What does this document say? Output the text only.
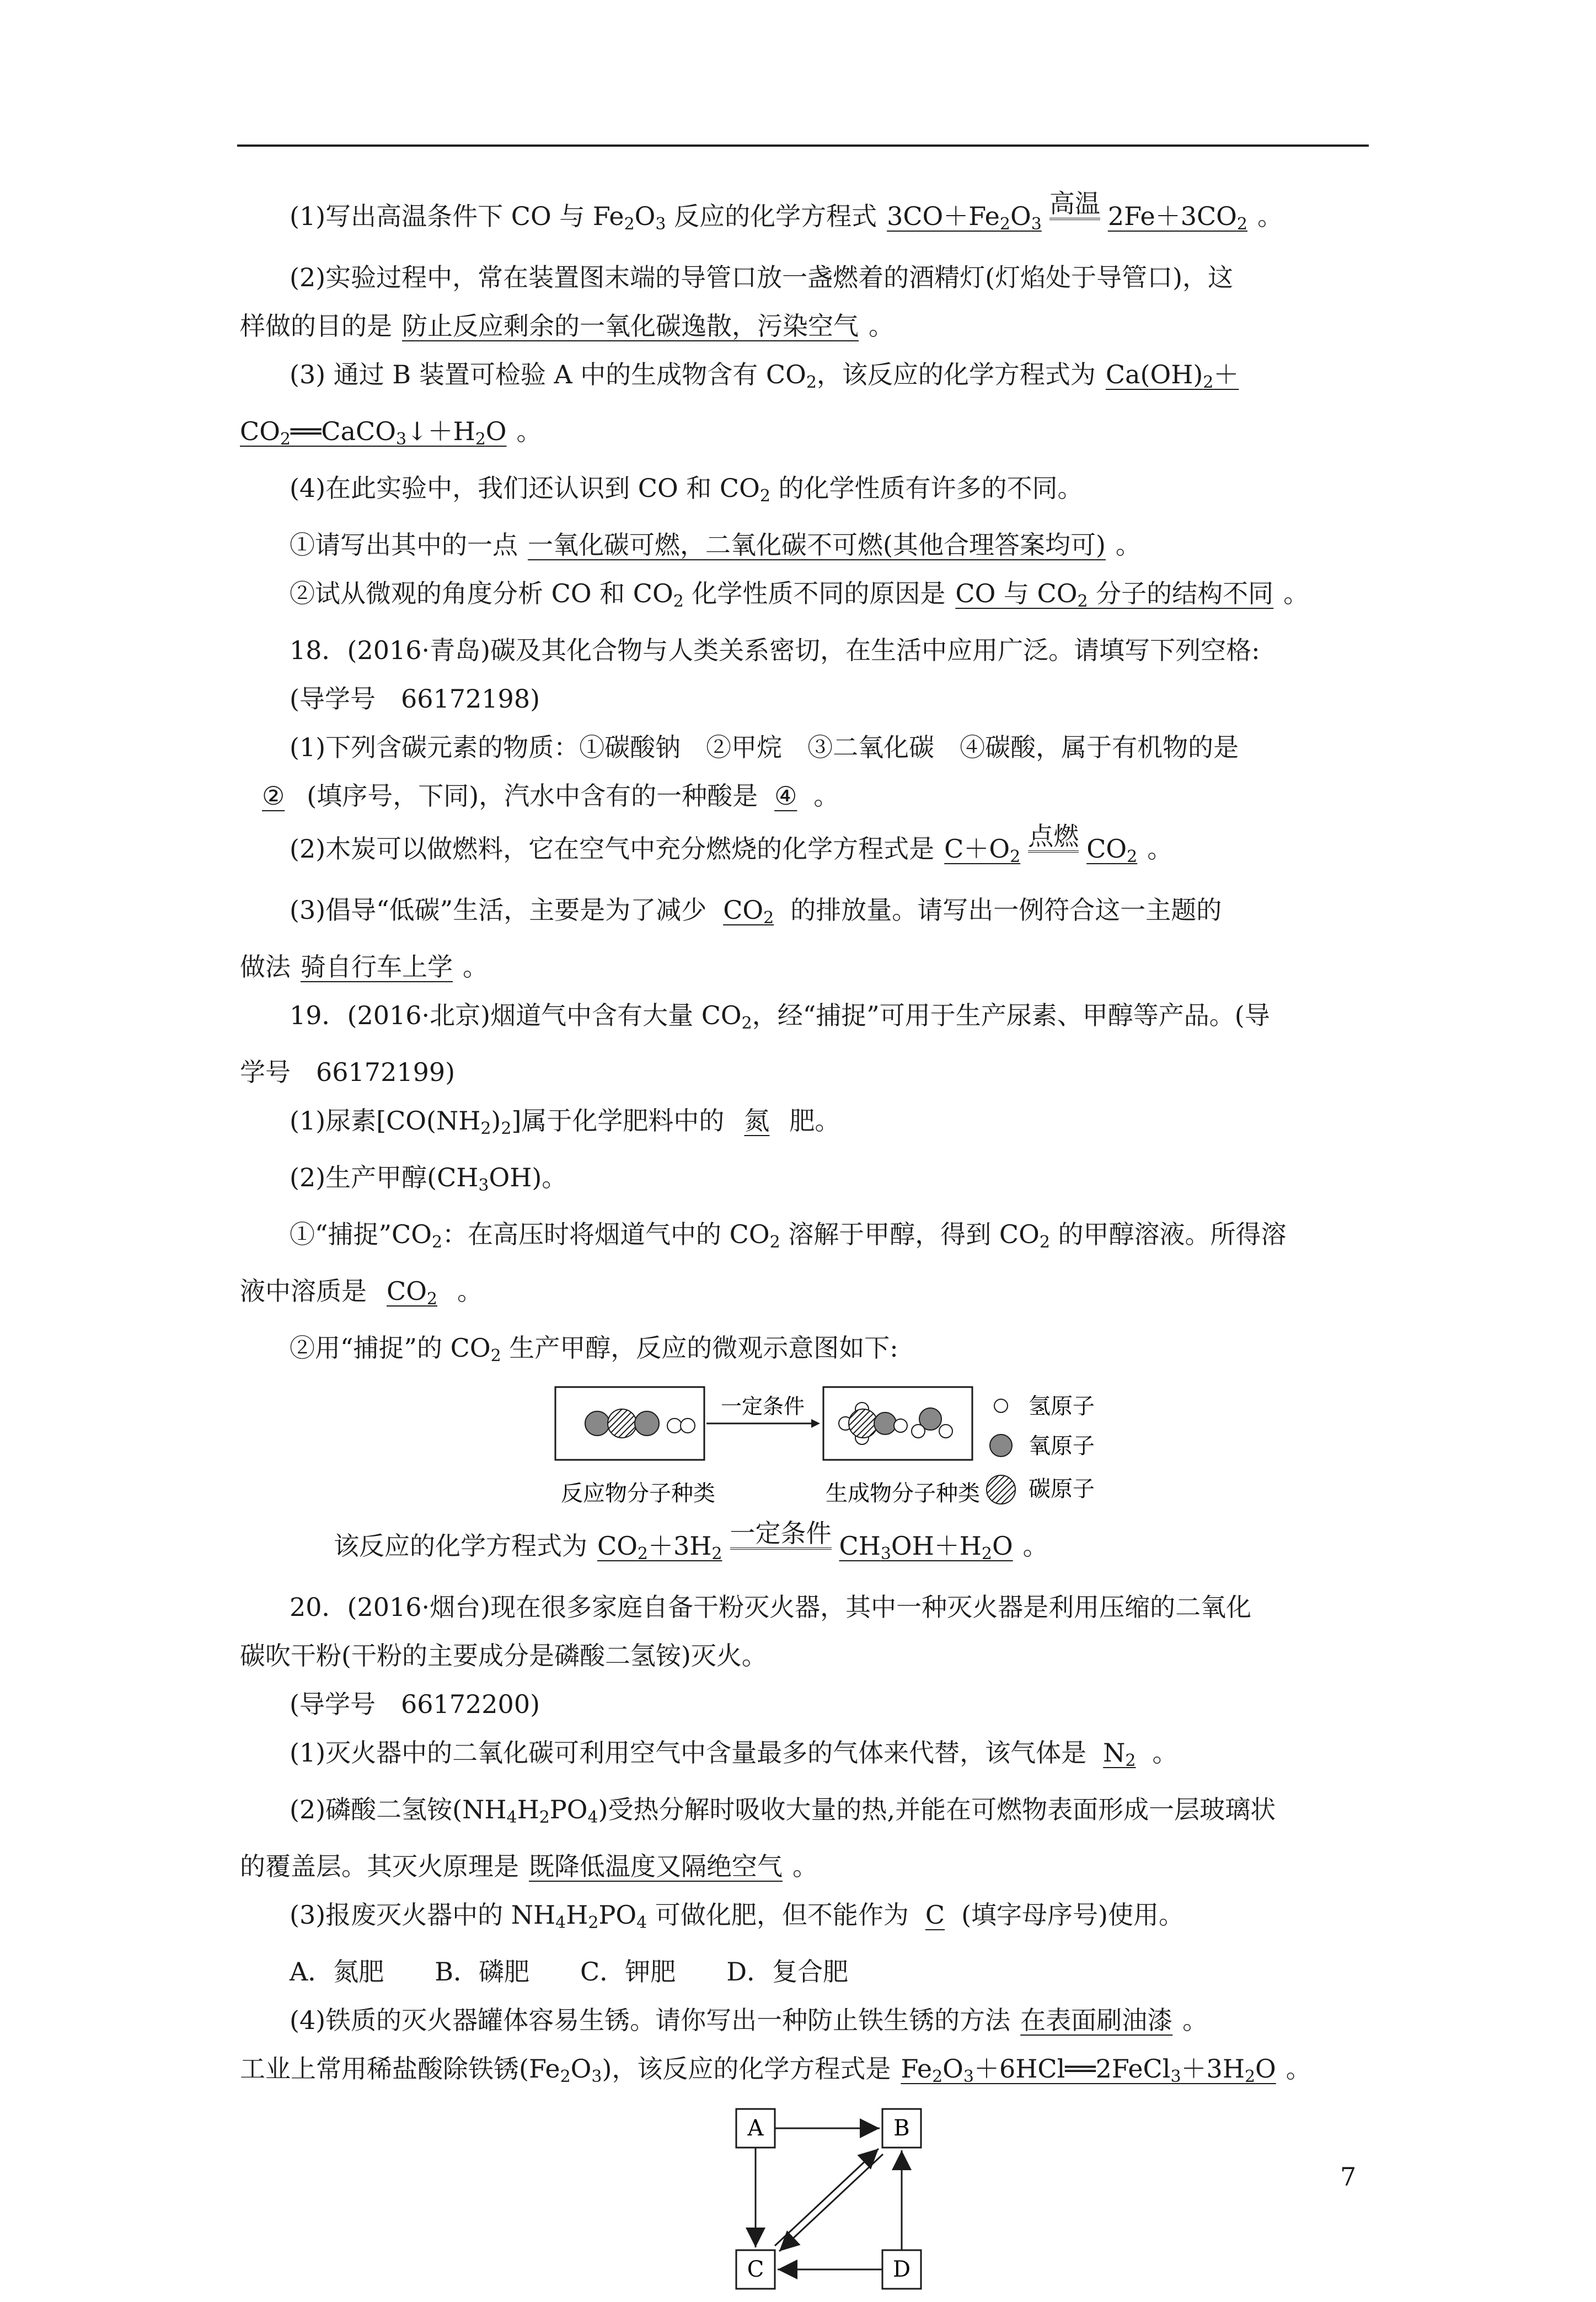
(1)写出高温条件下 CO 与 $Fe_2O_3$ 反应的化学方程式 $3CO+Fe_2O_3$
高温 $2Fe+3CO_2$ 。

(2)实验过程中，常在装置图末端的导管口放一盏燃着的酒精灯(灯焰处于导管口)，这

样做的目的是 防止反应剩余的一氧化碳逸散，污染空气 。

(3) 通过 B 装置可检验 A 中的生成物含有 $CO_2$，该反应的化学方程式为 $Ca(OH)_2+$

$CO_2══CaCO_3↓+H_2O$ 。

(4)在此实验中，我们还认识到 CO 和 $CO_2$ 的化学性质有许多的不同。

①请写出其中的一点 一氧化碳可燃，二氧化碳不可燃(其他合理答案均可) 。

②试从微观的角度分析 CO 和 $CO_2$ 化学性质不同的原因是 CO 与 $CO_2$ 分子的结构不同 。

18．(2016·青岛)碳及其化合物与人类关系密切，在生活中应用广泛。请填写下列空格:

(导学号　66172198)

(1)下列含碳元素的物质：①碳酸钠　②甲烷　③二氧化碳　④碳酸，属于有机物的是

② (填序号，下同)，汽水中含有的一种酸是 ④ 。

(2)木炭可以做燃料，它在空气中充分燃烧的化学方程式是 $C+O_2$
点燃 $CO_2$ 。

(3)倡导“低碳”生活，主要是为了减少 $CO_2$ 的排放量。请写出一例符合这一主题的

做法 骑自行车上学 。

19．(2016·北京)烟道气中含有大量 $CO_2$，经“捕捉”可用于生产尿素、甲醇等产品。(导

学号　66172199)

(1)尿素$[CO(NH_2)_2]$属于化学肥料中的 氮 肥。

(2)生产甲醇$(CH_3OH)$。

①“捕捉$”CO_2$：在高压时将烟道气中的 $CO_2$ 溶解于甲醇，得到 $CO_2$ 的甲醇溶液。所得溶

液中溶质是 $CO_2$ 。

②用“捕捉”的 $CO_2$ 生产甲醇，反应的微观示意图如下:

一定条件
反应物分子种类	生成物分子种类
氢原子
氧原子
碳原子

该反应的化学方程式为 $CO_2+3H_2$
一定条件 $CH_3OH+H_2O$ 。

20．(2016·烟台)现在很多家庭自备干粉灭火器，其中一种灭火器是利用压缩的二氧化

碳吹干粉(干粉的主要成分是磷酸二氢铵)灭火。

(导学号　66172200)

(1)灭火器中的二氧化碳可利用空气中含量最多的气体来代替，该气体是 $N_2$ 。

(2)磷酸二氢铵$(NH_4H_2PO_4)$受热分解时吸收大量的热,并能在可燃物表面形成一层玻璃状

的覆盖层。其灭火原理是 既降低温度又隔绝空气 。

(3)报废灭火器中的 $NH_4H_2PO_4$ 可做化肥，但不能作为 C (填字母序号)使用。

A．氮肥　　B．磷肥　　C．钾肥　　D．复合肥

(4)铁质的灭火器罐体容易生锈。请你写出一种防止铁生锈的方法 在表面刷油漆 。

工业上常用稀盐酸除铁锈$(Fe_2O_3)$，该反应的化学方程式是 $Fe_2O_3+6HCl══2FeCl_3+3H_2O$ 。

A	B
C	D
7
